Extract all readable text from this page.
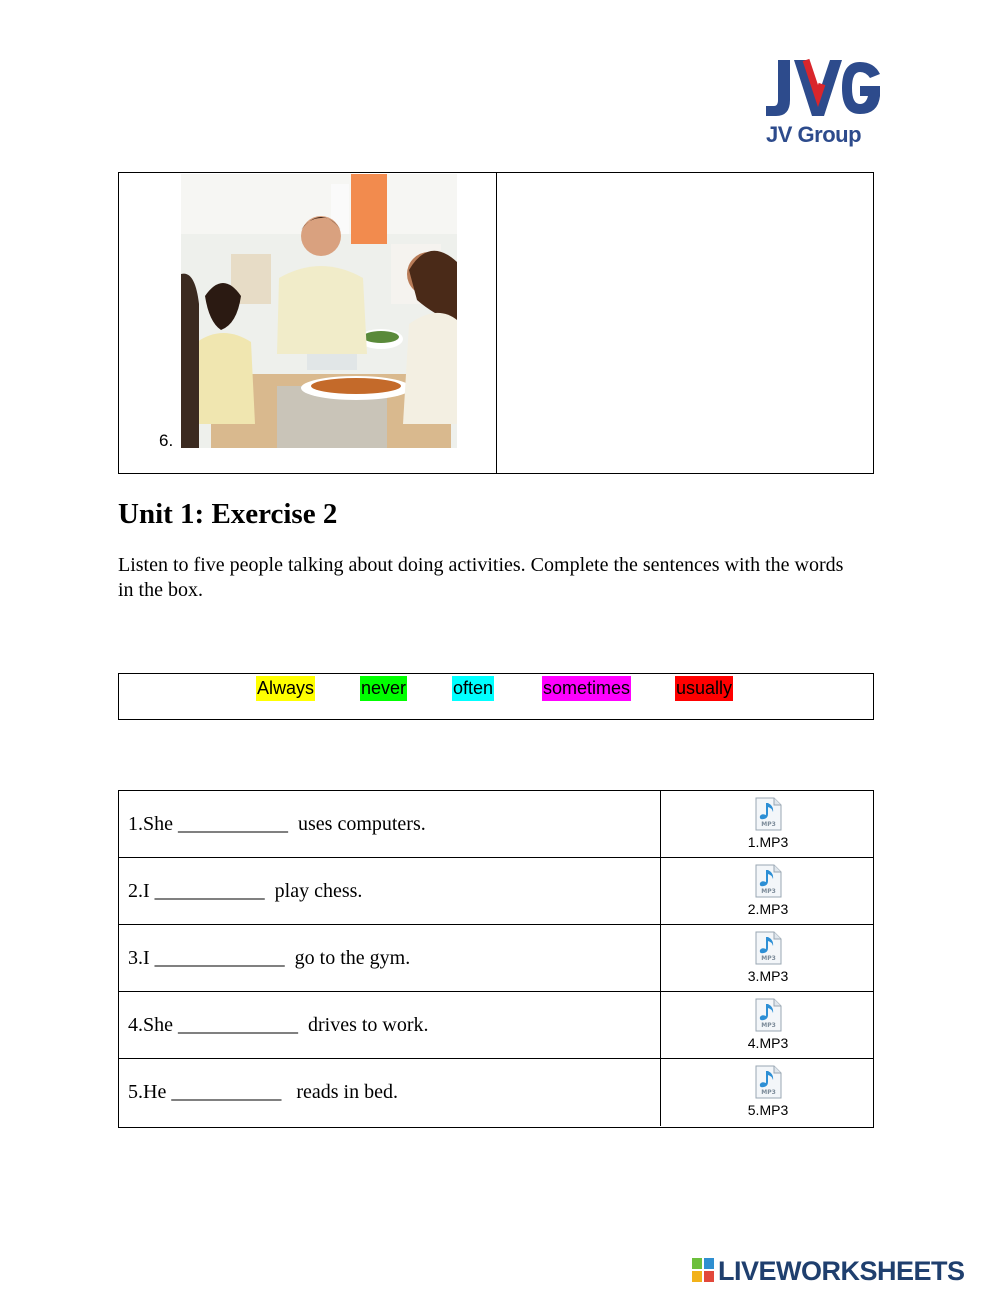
JV Group
6.
Unit 1: Exercise 2

Listen to five people talking about doing activities. Complete the sentences with the words in the box.

Always	never	often	sometimes	usually
1.She ___________  uses computers.	MP3
1.MP3
2.I ___________  play chess.	MP3
2.MP3
3.I _____________  go to the gym.	MP3
3.MP3
4.She ____________  drives to work.	MP3
4.MP3
5.He ___________   reads in bed.	MP3
5.MP3
LIVEWORKSHEETS
